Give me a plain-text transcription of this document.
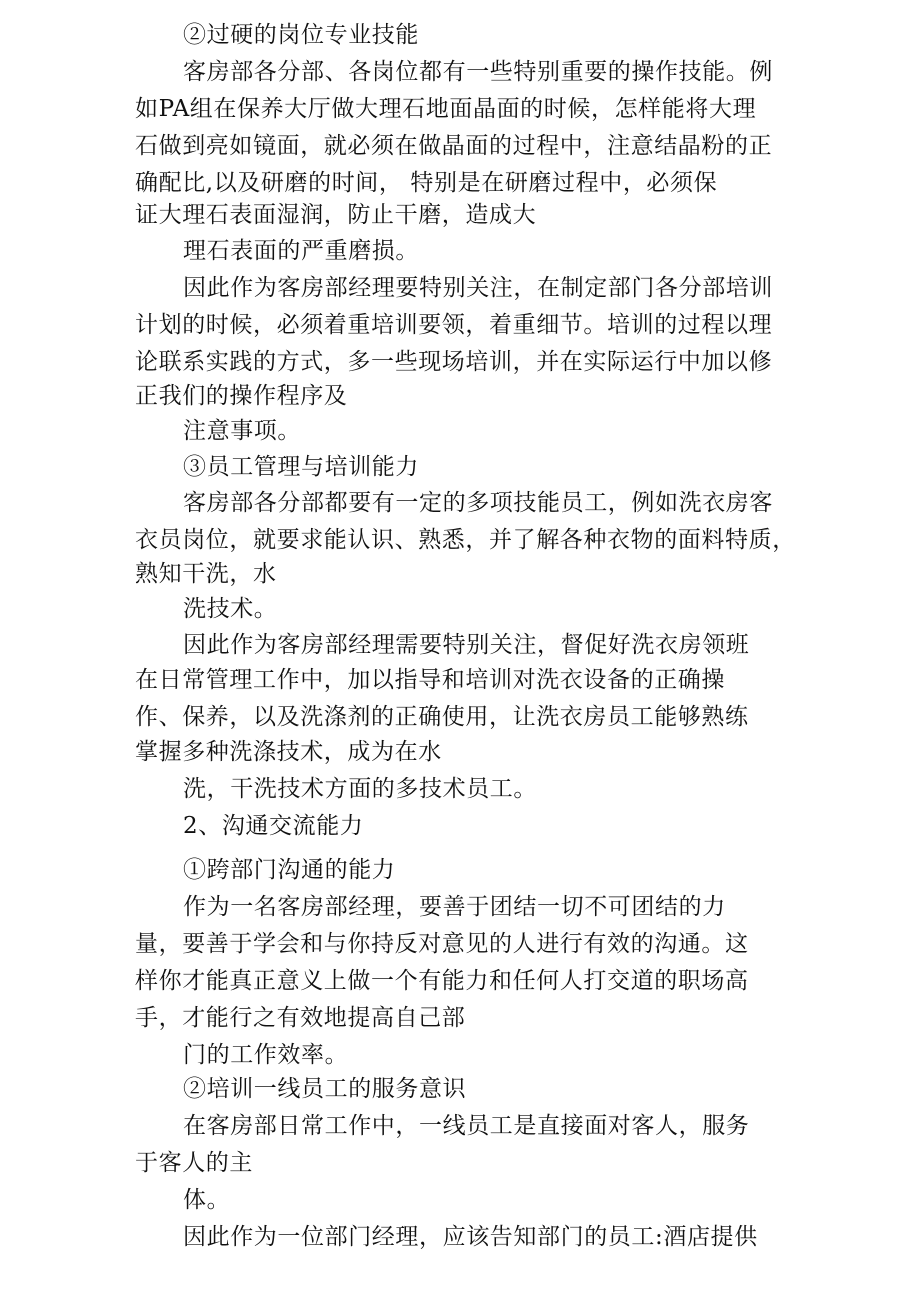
②过硬的岗位专业技能
客房部各分部、各岗位都有一些特别重要的操作技能。例
如PA组在保养大厅做大理石地面晶面的时候，怎样能将大理
石做到亮如镜面，就必须在做晶面的过程中，注意结晶粉的正
确配比,以及研磨的时间， 特别是在研磨过程中，必须保
证大理石表面湿润，防止干磨，造成大
理石表面的严重磨损。
因此作为客房部经理要特别关注，在制定部门各分部培训
计划的时候，必须着重培训要领，着重细节。培训的过程以理
论联系实践的方式，多一些现场培训，并在实际运行中加以修
正我们的操作程序及
注意事项。
③员工管理与培训能力
客房部各分部都要有一定的多项技能员工，例如洗衣房客
衣员岗位，就要求能认识、熟悉，并了解各种衣物的面料特质，
熟知干洗，水
洗技术。
因此作为客房部经理需要特别关注，督促好洗衣房领班
在日常管理工作中，加以指导和培训对洗衣设备的正确操
作、保养，以及洗涤剂的正确使用，让洗衣房员工能够熟练
掌握多种洗涤技术，成为在水
洗，干洗技术方面的多技术员工。
2、沟通交流能力
①跨部门沟通的能力
作为一名客房部经理，要善于团结一切不可团结的力
量，要善于学会和与你持反对意见的人进行有效的沟通。这
样你才能真正意义上做一个有能力和任何人打交道的职场高
手，才能行之有效地提高自己部
门的工作效率。
②培训一线员工的服务意识
在客房部日常工作中，一线员工是直接面对客人，服务
于客人的主
体。
因此作为一位部门经理，应该告知部门的员工:酒店提供
